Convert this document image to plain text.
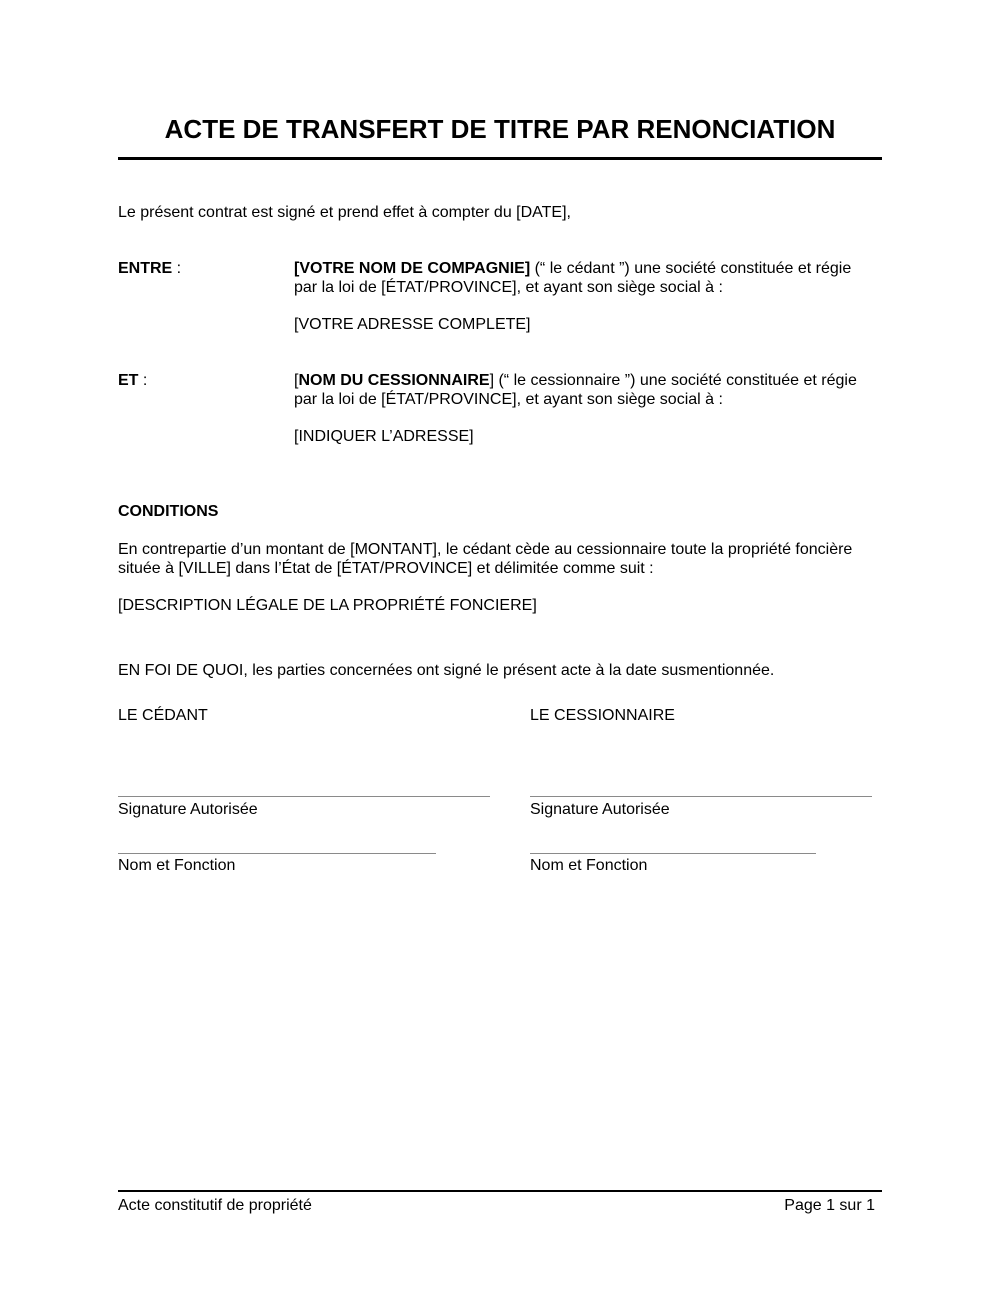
ACTE DE TRANSFERT DE TITRE PAR RENONCIATION
Le présent contrat est signé et prend effet à compter du [DATE],
ENTRE :	[VOTRE NOM DE COMPAGNIE] (“ le cédant ”) une société constituée et régie
par la loi de [ÉTAT/PROVINCE], et ayant son siège social à :
[VOTRE ADRESSE COMPLETE]
ET :	[NOM DU CESSIONNAIRE] (“ le cessionnaire ”) une société constituée et régie
par la loi de [ÉTAT/PROVINCE], et ayant son siège social à :
[INDIQUER L’ADRESSE]
CONDITIONS
En contrepartie d’un montant de [MONTANT], le cédant cède au cessionnaire toute la propriété foncière
située à [VILLE] dans l’État de [ÉTAT/PROVINCE] et délimitée comme suit :
[DESCRIPTION LÉGALE DE LA PROPRIÉTÉ FONCIERE]
EN FOI DE QUOI, les parties concernées ont signé le présent acte à la date susmentionnée.
LE CÉDANT	LE CESSIONNAIRE
Signature Autorisée	Signature Autorisée
Nom et Fonction	Nom et Fonction
Acte constitutif de propriété	Page 1 sur 1
